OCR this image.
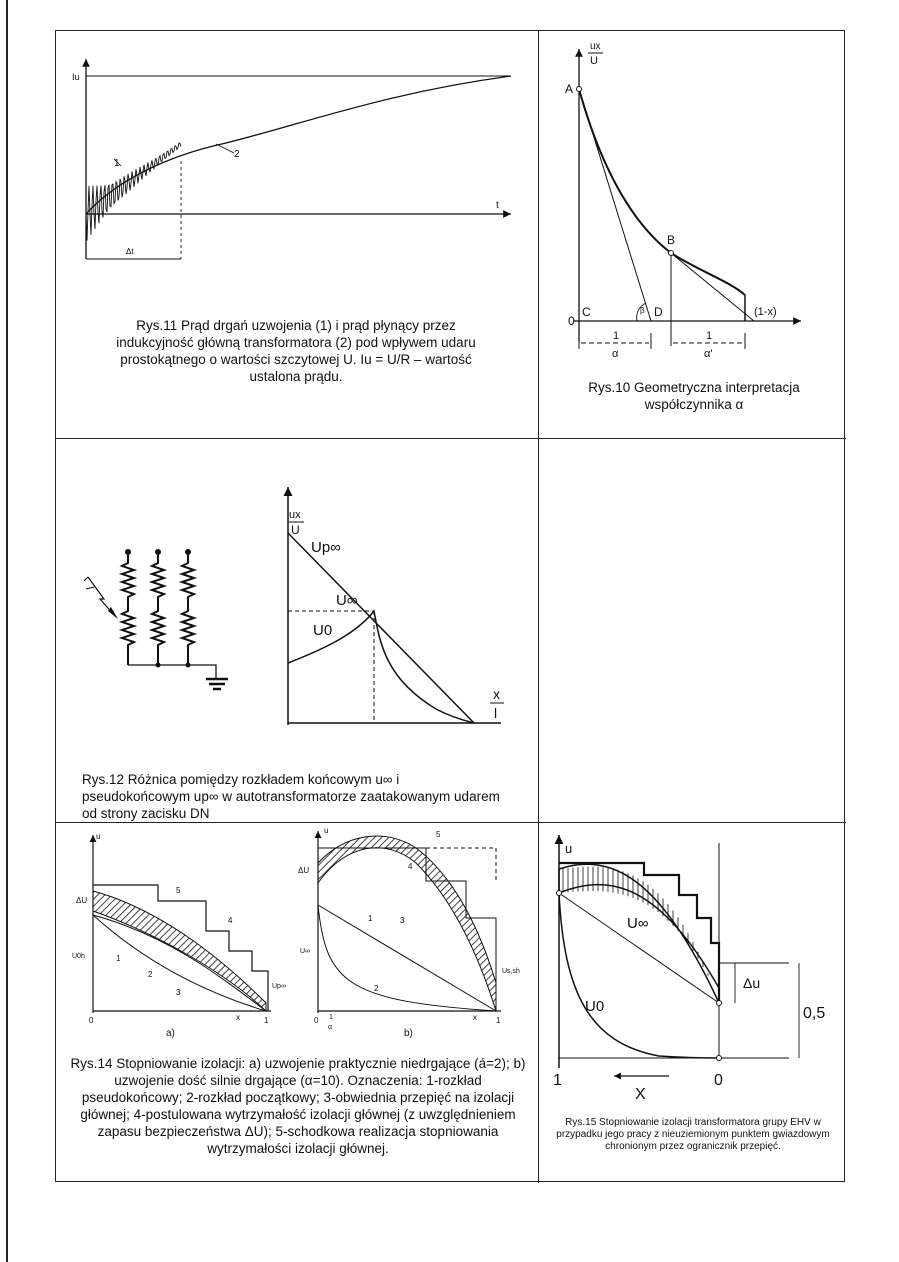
Iu
t
1
2
Δt
Rys.11 Prąd drgań uzwojenia (1) i prąd płynący przez indukcyjność główną transformatora (2) pod wpływem udaru prostokątnego o wartości szczytowej U. Iu = U/R – wartość ustalona prądu.
ux
U
A
B
C	D
β
0
(1-x)
1
α
1
α'
Rys.10 Geometryczna interpretacja współczynnika α
ux
U
Up∞
U∞
U0
x
l
Rys.12 Różnica pomiędzy rozkładem końcowym u∞ i pseudokońcowym up∞ w autotransformatorze zaatakowanym udarem od strony zacisku DN
0	1
x
a)
u
ΔU
U0h
Up∞
1
2
3
4
5
u
ΔU
U∞
Us,sh
0	1
x
1
α
b)
1
2
3
4
5
Rys.14 Stopniowanie izolacji: a) uzwojenie praktycznie niedrgające (á=2); b) uzwojenie dość silnie drgające (α=10). Oznaczenia: 1-rozkład pseudokońcowy; 2-rozkład początkowy; 3-obwiednia przepięć na izolacji głównej; 4-postulowana wytrzymałość izolacji głównej (z uwzględnieniem zapasu bezpieczeństwa ΔU); 5-schodkowa realizacja stopniowania wytrzymałości izolacji głównej.
u
U∞
U0
Δu
0,5
1	0
X
Rys.15 Stopniowanie izolacji transformatora grupy EHV w przypadku jego pracy z nieuziemionym punktem gwiazdowym chronionym przez ogranicznik przepięć.
